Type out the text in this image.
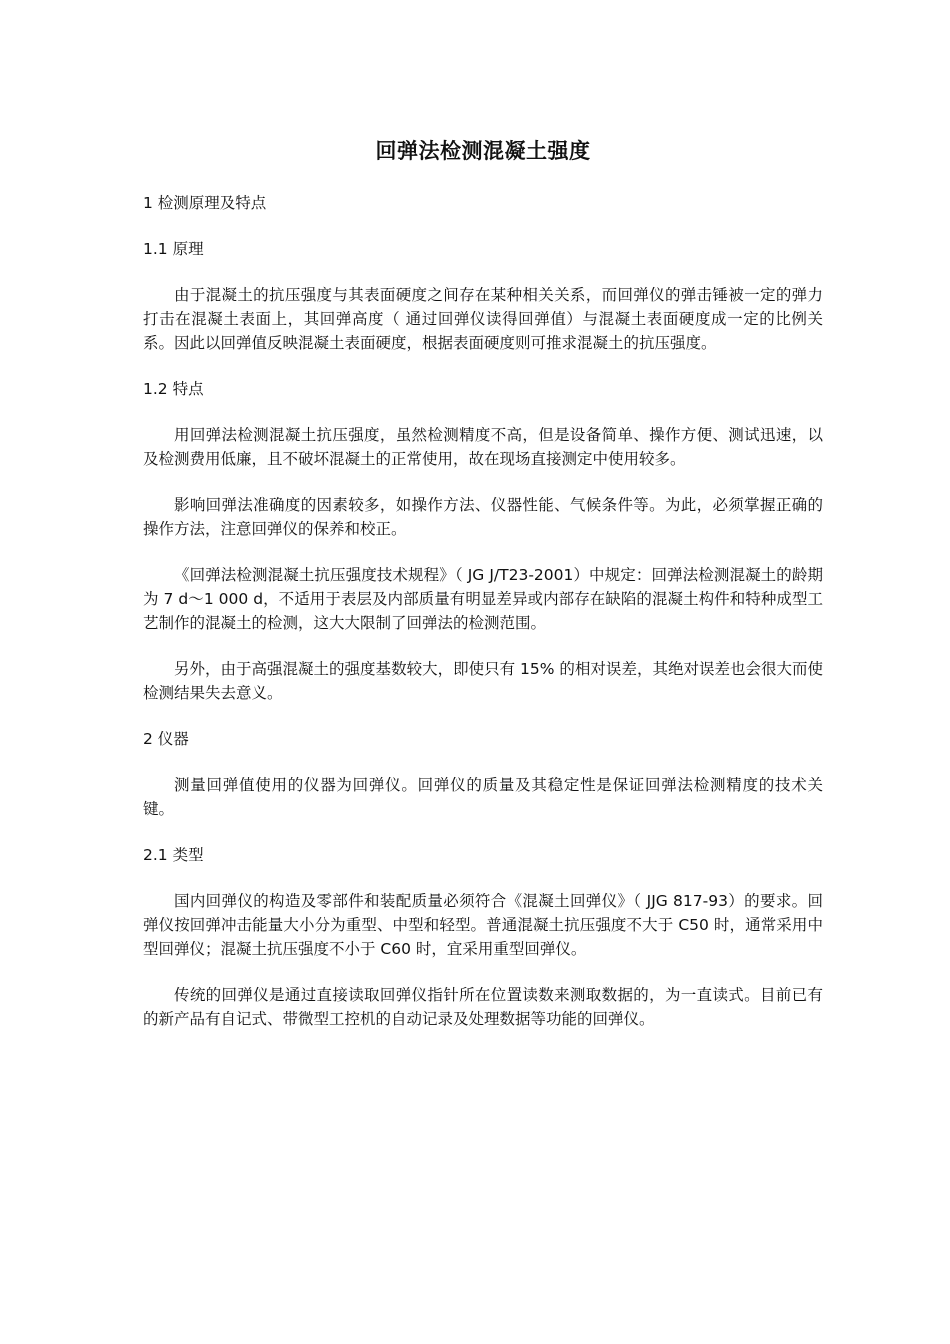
回弹法检测混凝土强度
1 检测原理及特点
1.1 原理
由于混凝土的抗压强度与其表面硬度之间存在某种相关关系，而回弹仪的弹击锤被一定的弹力打击在混凝土表面上，其回弹高度（ 通过回弹仪读得回弹值）与混凝土表面硬度成一定的比例关系。因此以回弹值反映混凝土表面硬度，根据表面硬度则可推求混凝土的抗压强度。
1.2 特点
用回弹法检测混凝土抗压强度，虽然检测精度不高，但是设备简单、操作方便、测试迅速，以及检测费用低廉，且不破坏混凝土的正常使用，故在现场直接测定中使用较多。
影响回弹法准确度的因素较多，如操作方法、仪器性能、气候条件等。为此，必须掌握正确的操作方法，注意回弹仪的保养和校正。
《回弹法检测混凝土抗压强度技术规程》（ JG J/T23-2001）中规定：回弹法检测混凝土的龄期为 7 d～1 000 d，不适用于表层及内部质量有明显差异或内部存在缺陷的混凝土构件和特种成型工艺制作的混凝土的检测，这大大限制了回弹法的检测范围。
另外，由于高强混凝土的强度基数较大，即使只有 15% 的相对误差，其绝对误差也会很大而使检测结果失去意义。
2 仪器
测量回弹值使用的仪器为回弹仪。回弹仪的质量及其稳定性是保证回弹法检测精度的技术关键。
2.1 类型
国内回弹仪的构造及零部件和装配质量必须符合《混凝土回弹仪》（ JJG 817-93）的要求。回弹仪按回弹冲击能量大小分为重型、中型和轻型。普通混凝土抗压强度不大于 C50 时，通常采用中型回弹仪；混凝土抗压强度不小于 C60 时，宜采用重型回弹仪。
传统的回弹仪是通过直接读取回弹仪指针所在位置读数来测取数据的，为一直读式。目前已有的新产品有自记式、带微型工控机的自动记录及处理数据等功能的回弹仪。
